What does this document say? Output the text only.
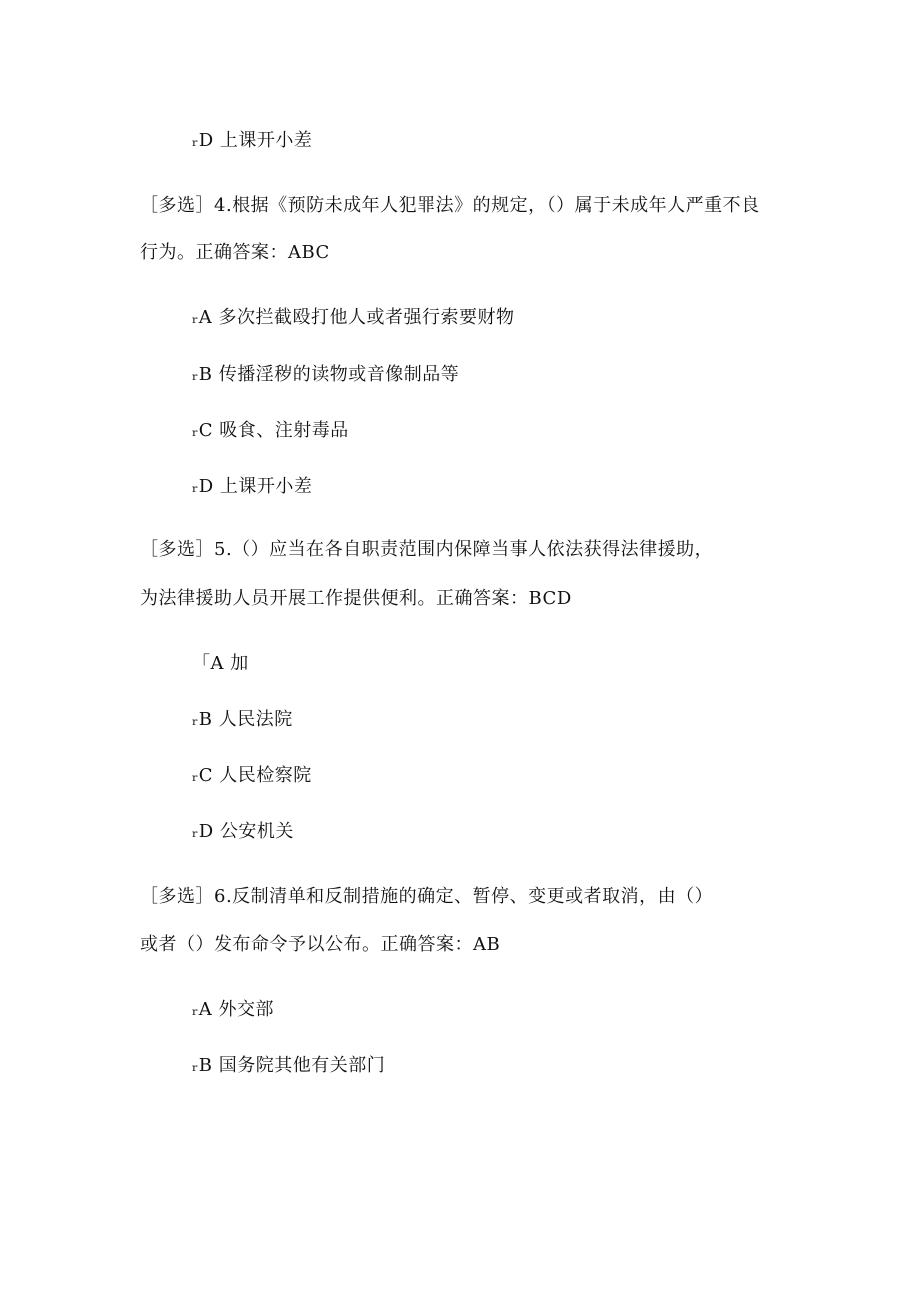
ᵣD 上课开小差
［多选］4.根据《预防未成年人犯罪法》的规定，（）属于未成年人严重不良
行为。正确答案：ABC
ᵣA 多次拦截殴打他人或者强行索要财物
ᵣB 传播淫秽的读物或音像制品等
ᵣC 吸食、注射毒品
ᵣD 上课开小差
［多选］5.（）应当在各自职责范围内保障当事人依法获得法律援助，
为法律援助人员开展工作提供便利。正确答案：BCD
「A 加
ᵣB 人民法院
ᵣC 人民检察院
ᵣD 公安机关
［多选］6.反制清单和反制措施的确定、暂停、变更或者取消，由（）
或者（）发布命令予以公布。正确答案：AB
ᵣA 外交部
ᵣB 国务院其他有关部门
